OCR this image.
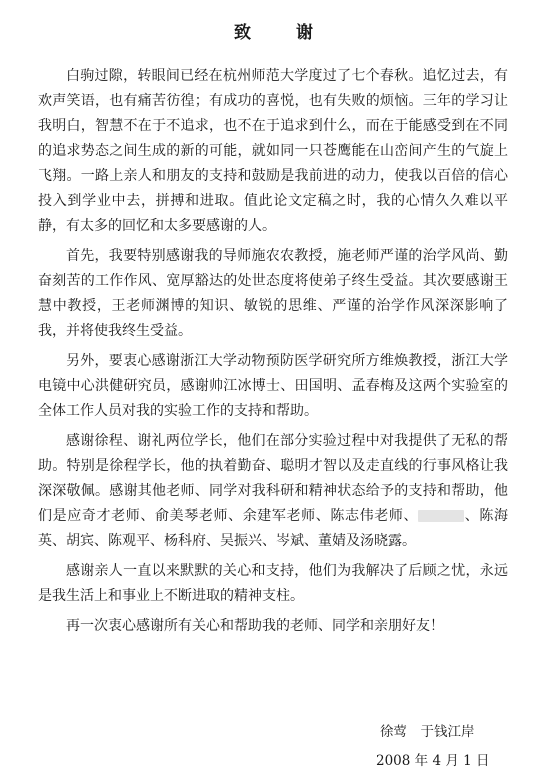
致　谢

白驹过隙，转眼间已经在杭州师范大学度过了七个春秋。追忆过去，有欢声笑语，也有痛苦彷徨；有成功的喜悦，也有失败的烦恼。三年的学习让我明白，智慧不在于不追求，也不在于追求到什么，而在于能感受到在不同的追求势态之间生成的新的可能，就如同一只苍鹰能在山峦间产生的气旋上飞翔。一路上亲人和朋友的支持和鼓励是我前进的动力，使我以百倍的信心投入到学业中去，拼搏和进取。值此论文定稿之时，我的心情久久难以平静，有太多的回忆和太多要感谢的人。

首先，我要特别感谢我的导师施农农教授，施老师严谨的治学风尚、勤奋刻苦的工作作风、宽厚豁达的处世态度将使弟子终生受益。其次要感谢王慧中教授，王老师渊博的知识、敏锐的思维、严谨的治学作风深深影响了我，并将使我终生受益。

另外，要衷心感谢浙江大学动物预防医学研究所方维焕教授，浙江大学电镜中心洪健研究员，感谢帅江冰博士、田国明、孟春梅及这两个实验室的全体工作人员对我的实验工作的支持和帮助。

感谢徐程、谢礼两位学长，他们在部分实验过程中对我提供了无私的帮助。特别是徐程学长，他的执着勤奋、聪明才智以及走直线的行事风格让我深深敬佩。感谢其他老师、同学对我科研和精神状态给予的支持和帮助，他们是应奇才老师、俞美琴老师、余建军老师、陈志伟老师、	、陈海英、胡宾、陈观平、杨科府、吴振兴、岑斌、董婧及汤晓露。

感谢亲人一直以来默默的关心和支持，他们为我解决了后顾之忧，永远是我生活上和事业上不断进取的精神支柱。

再一次衷心感谢所有关心和帮助我的老师、同学和亲朋好友！

徐莺　于钱江岸
2008 年 4 月 1 日
